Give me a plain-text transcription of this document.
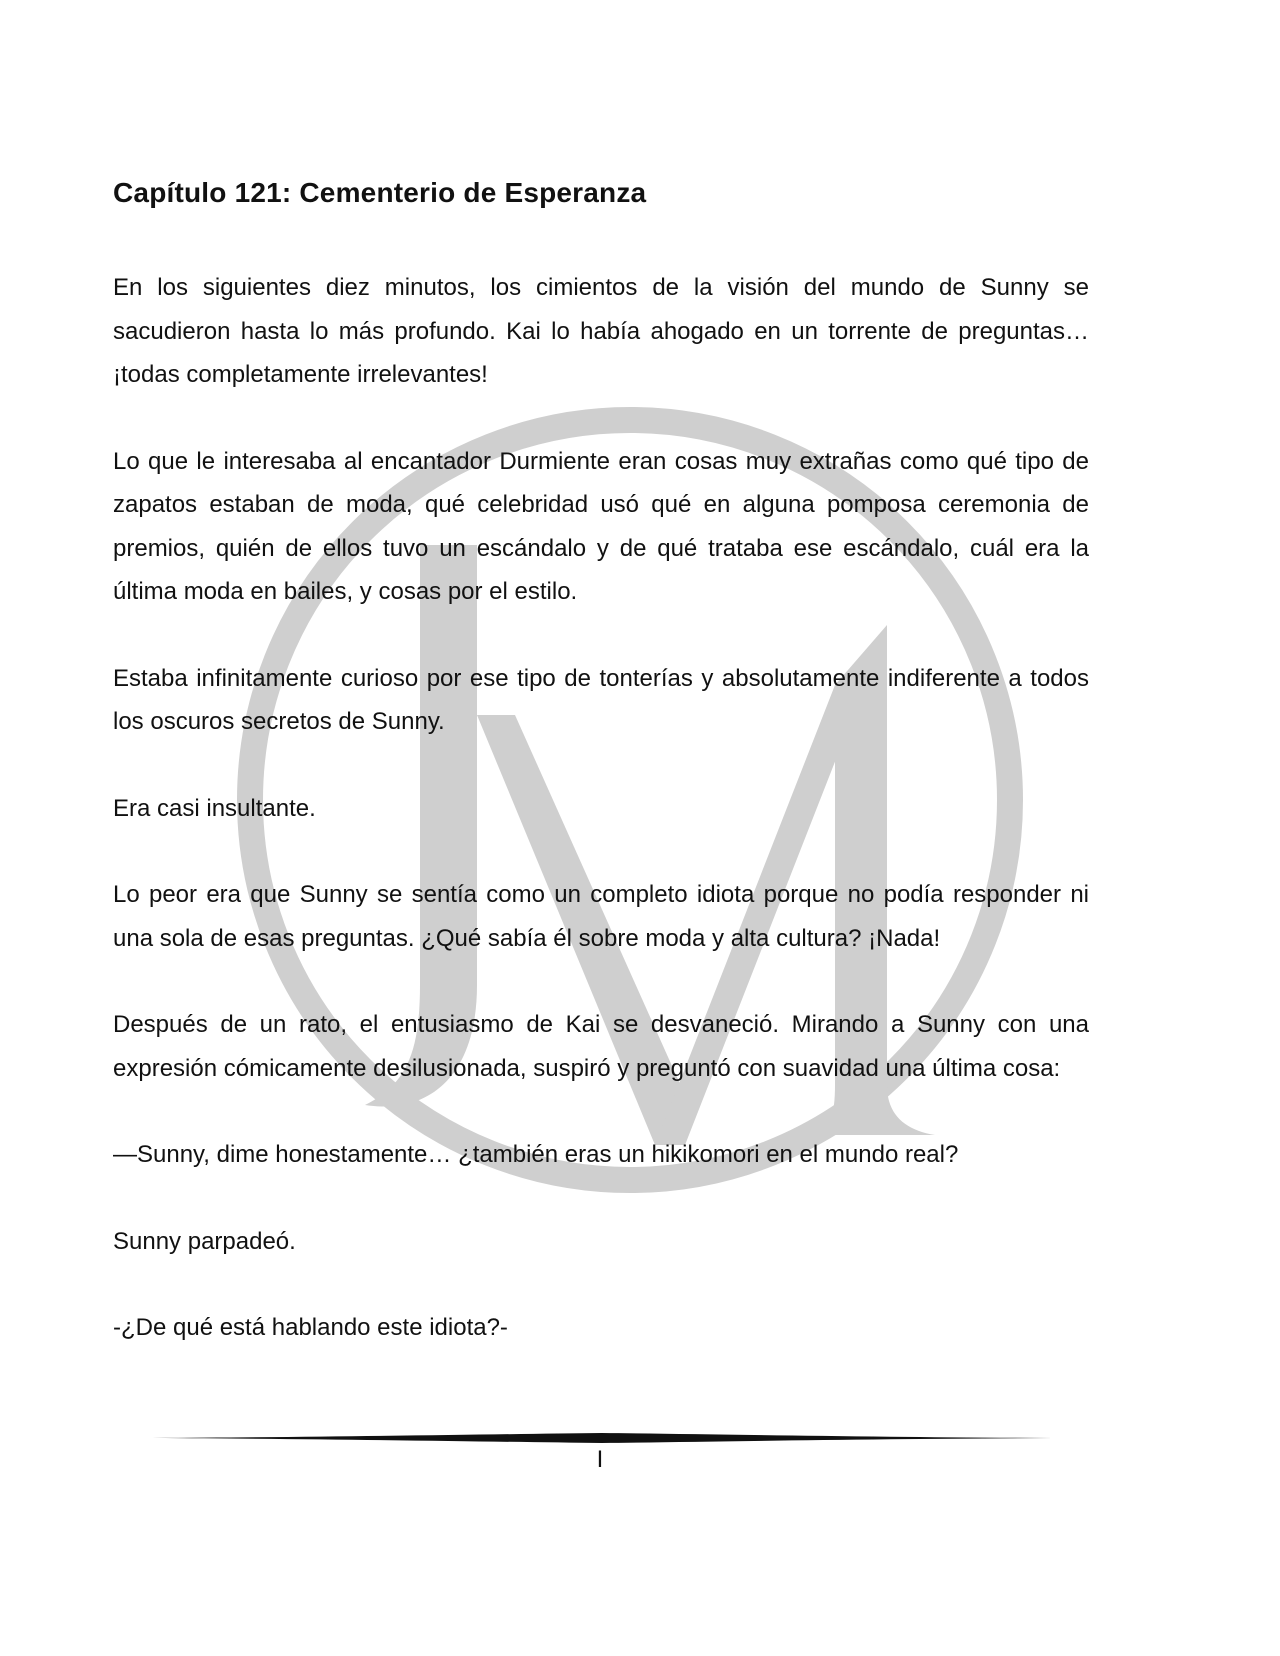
Capítulo 121: Cementerio de Esperanza

En los siguientes diez minutos, los cimientos de la visión del mundo de Sunny se sacudieron hasta lo más profundo. Kai lo había ahogado en un torrente de preguntas… ¡todas completamente irrelevantes!

Lo que le interesaba al encantador Durmiente eran cosas muy extrañas como qué tipo de zapatos estaban de moda, qué celebridad usó qué en alguna pomposa ceremonia de premios, quién de ellos tuvo un escándalo y de qué trataba ese escándalo, cuál era la última moda en bailes, y cosas por el estilo.

Estaba infinitamente curioso por ese tipo de tonterías y absolutamente indiferente a todos los oscuros secretos de Sunny.

Era casi insultante.

Lo peor era que Sunny se sentía como un completo idiota porque no podía responder ni una sola de esas preguntas. ¿Qué sabía él sobre moda y alta cultura? ¡Nada!

Después de un rato, el entusiasmo de Kai se desvaneció. Mirando a Sunny con una expresión cómicamente desilusionada, suspiró y preguntó con suavidad una última cosa:

—Sunny, dime honestamente… ¿también eras un hikikomori en el mundo real?

Sunny parpadeó.

-¿De qué está hablando este idiota?-

I
